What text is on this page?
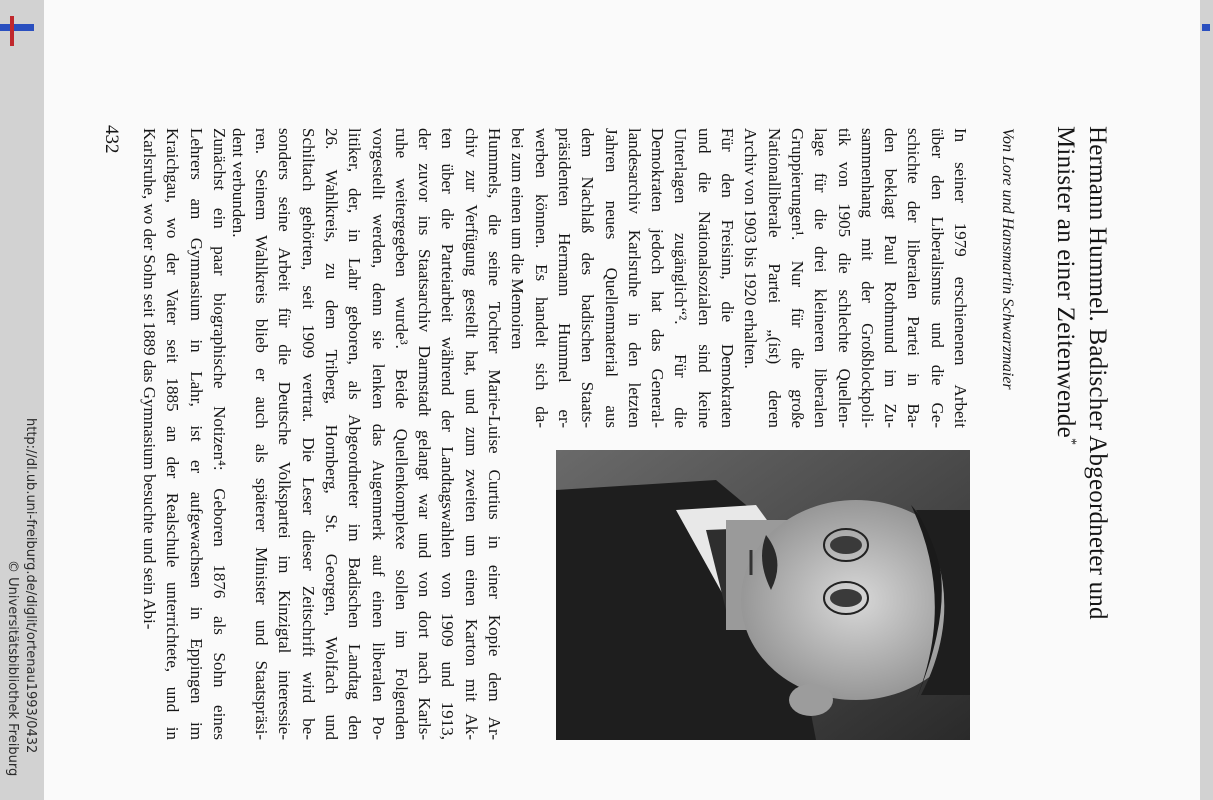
Hermann Hummel. Badischer Abgeordneter und
Minister an einer Zeitenwende*
Von Lore und Hansmartin Schwarzmaier
In seiner 1979 erschienenen Arbeit
über den Liberalismus und die Ge-
schichte der liberalen Partei in Ba-
den beklagt Paul Rothmund im Zu-
sammenhang mit der Großblockpoli-
tik von 1905 die schlechte Quellen-
lage für die drei kleineren liberalen
Gruppierungen¹. Nur für die große
Nationalliberale Partei „(ist) deren
Archiv von 1903 bis 1920 erhalten.
Für den Freisinn, die Demokraten
und die Nationalsozialen sind keine
Unterlagen zugänglich“². Für die
Demokraten jedoch hat das General-
landesarchiv Karlsruhe in den letzten
Jahren neues Quellenmaterial aus
dem Nachlaß des badischen Staats-
präsidenten Hermann Hummel er-
werben können. Es handelt sich da-
bei zum einen um die Memoiren
Hummels, die seine Tochter Marie-Luise Curtius in einer Kopie dem Ar-
chiv zur Verfügung gestellt hat, und zum zweiten um einen Karton mit Ak-
ten über die Parteiarbeit während der Landtagswahlen von 1909 und 1913,
der zuvor ins Staatsarchiv Darmstadt gelangt war und von dort nach Karls-
ruhe weitergegeben wurde³. Beide Quellenkomplexe sollen im Folgenden
vorgestellt werden, denn sie lenken das Augenmerk auf einen liberalen Po-
litiker, der, in Lahr geboren, als Abgeordneter im Badischen Landtag den
26. Wahlkreis, zu dem Triberg, Hornberg, St. Georgen, Wolfach und
Schiltach gehörten, seit 1909 vertrat. Die Leser dieser Zeitschrift wird be-
sonders seine Arbeit für die Deutsche Volkspartei im Kinzigtal interessie-
ren. Seinem Wahlkreis blieb er auch als späterer Minister und Staatspräsi-
dent verbunden.
Zunächst ein paar biographische Notizen⁴: Geboren 1876 als Sohn eines
Lehrers am Gymnasium in Lahr, ist er aufgewachsen in Eppingen im
Kraichgau, wo der Vater seit 1885 an der Realschule unterrichtete, und in
Karlsruhe, wo der Sohn seit 1889 das Gymnasium besuchte und sein Abi-
432
http://dl.ub.uni-freiburg.de/diglit/ortenau1993/0432
© Universitätsbibliothek Freiburg
